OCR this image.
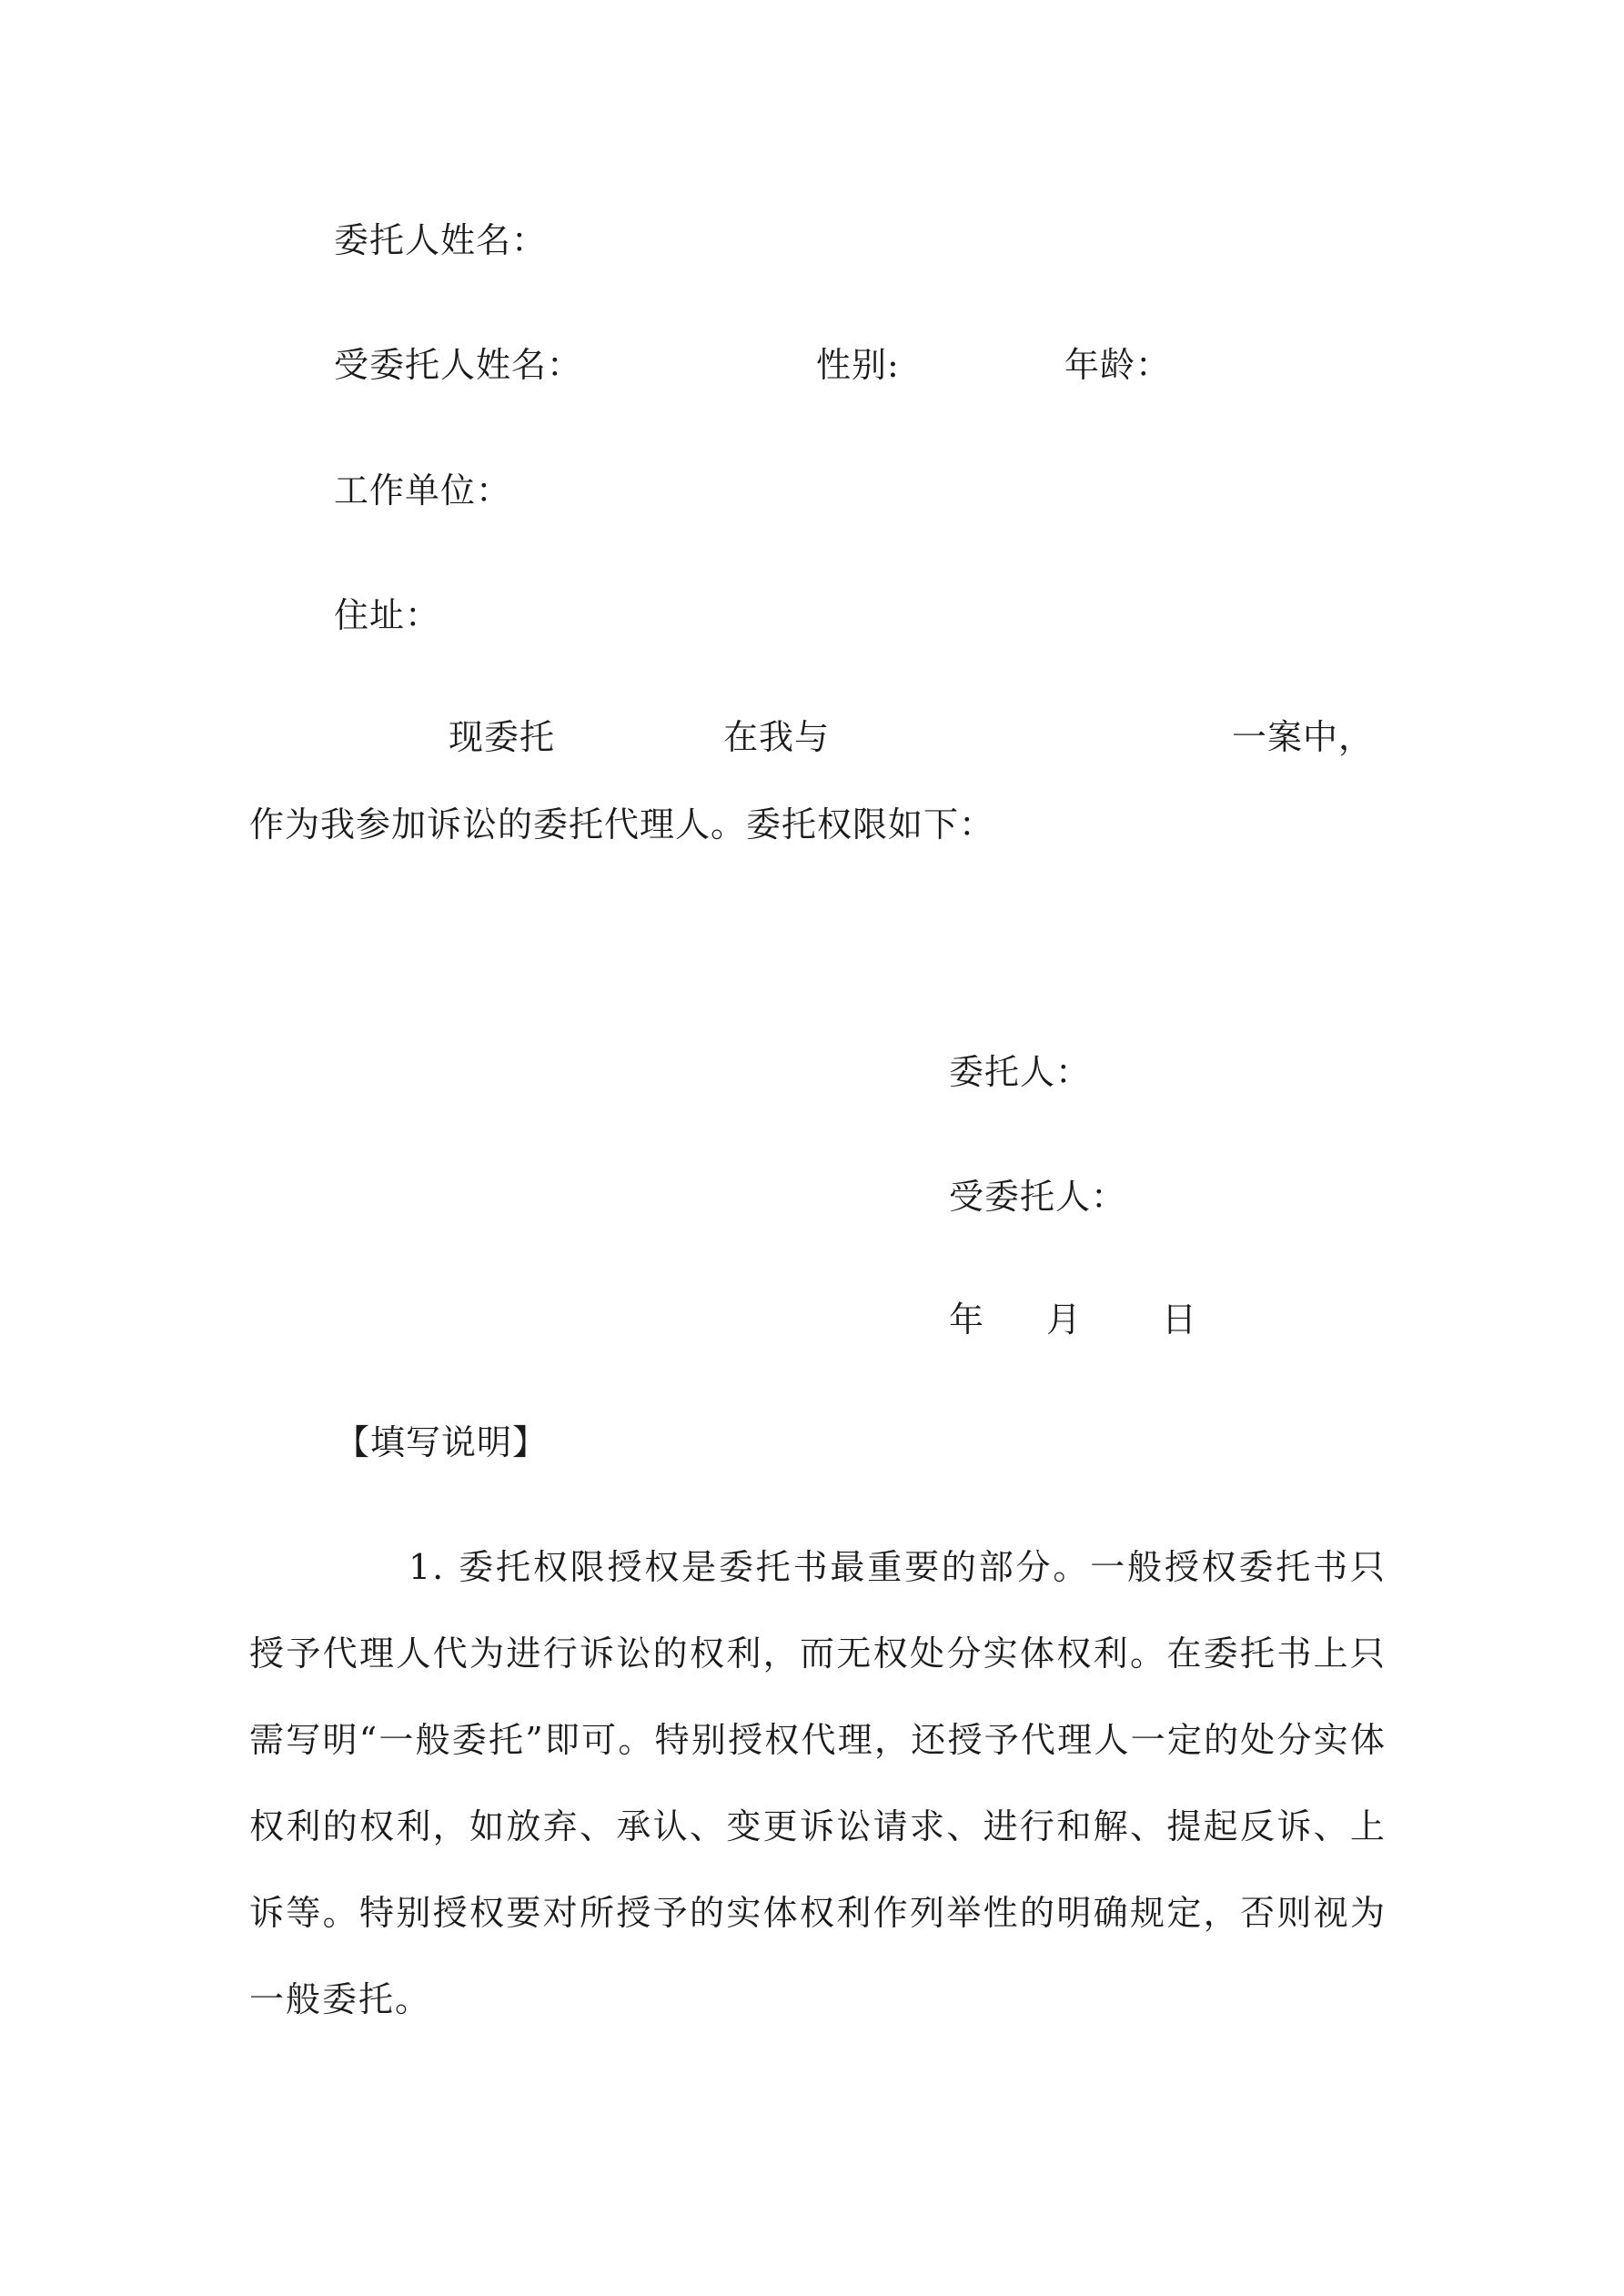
委托人姓名：
受委托人姓名：	性别:	年龄：
工作单位：
住址：
现委托	在我与	一案中，
作为我参加诉讼的委托代理人。委托权限如下：
委托人：
受委托人：
年 月 日
【填写说明】
1. 委托权限授权是委托书最重要的部分。一般授权委托书只授予代理人代为进行诉讼的权利，而无权处分实体权利。在委托书上只需写明“一般委托”即可。特别授权代理，还授予代理人一定的处分实体权利的权利，如放弃、承认、变更诉讼请求、进行和解、提起反诉、上诉等。特别授权要对所授予的实体权利作列举性的明确规定，否则视为一般委托。
